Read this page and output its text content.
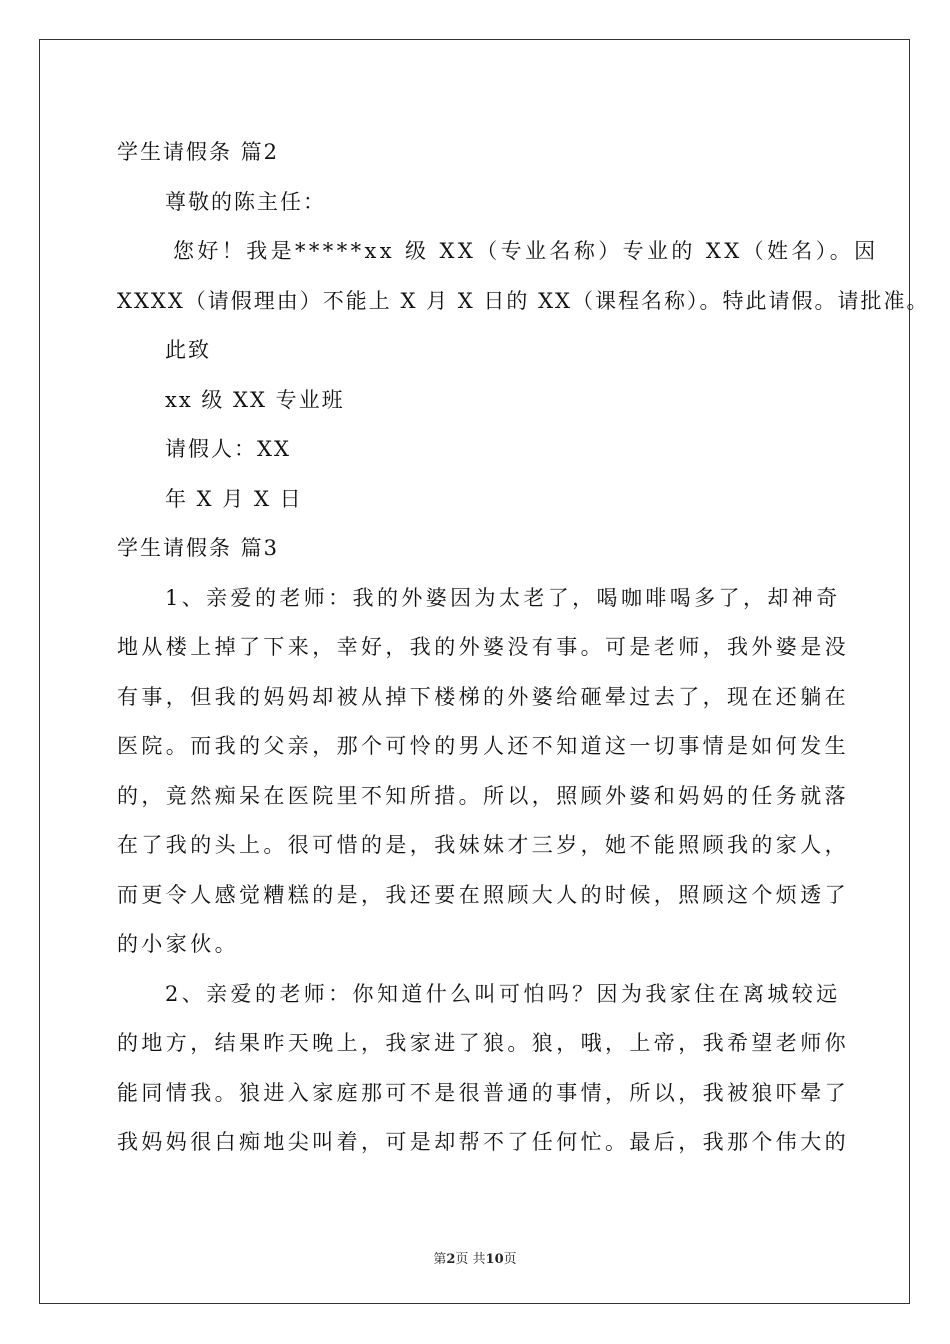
学生请假条 篇2
尊敬的陈主任：
您好！我是*****xx 级 XX（专业名称）专业的 XX（姓名）。因
XXXX（请假理由）不能上 X 月 X 日的 XX（课程名称）。特此请假。请批准。
此致
xx 级 XX 专业班
请假人：XX
年 X 月 X 日
学生请假条 篇3
1、亲爱的老师：我的外婆因为太老了，喝咖啡喝多了，却神奇
地从楼上掉了下来，幸好，我的外婆没有事。可是老师，我外婆是没
有事，但我的妈妈却被从掉下楼梯的外婆给砸晕过去了，现在还躺在
医院。而我的父亲，那个可怜的男人还不知道这一切事情是如何发生
的，竟然痴呆在医院里不知所措。所以，照顾外婆和妈妈的任务就落
在了我的头上。很可惜的是，我妹妹才三岁，她不能照顾我的家人，
而更令人感觉糟糕的是，我还要在照顾大人的时候，照顾这个烦透了
的小家伙。
2、亲爱的老师：你知道什么叫可怕吗？因为我家住在离城较远
的地方，结果昨天晚上，我家进了狼。狼，哦，上帝，我希望老师你
能同情我。狼进入家庭那可不是很普通的事情，所以，我被狼吓晕了
我妈妈很白痴地尖叫着，可是却帮不了任何忙。最后，我那个伟大的
第2页 共10页
